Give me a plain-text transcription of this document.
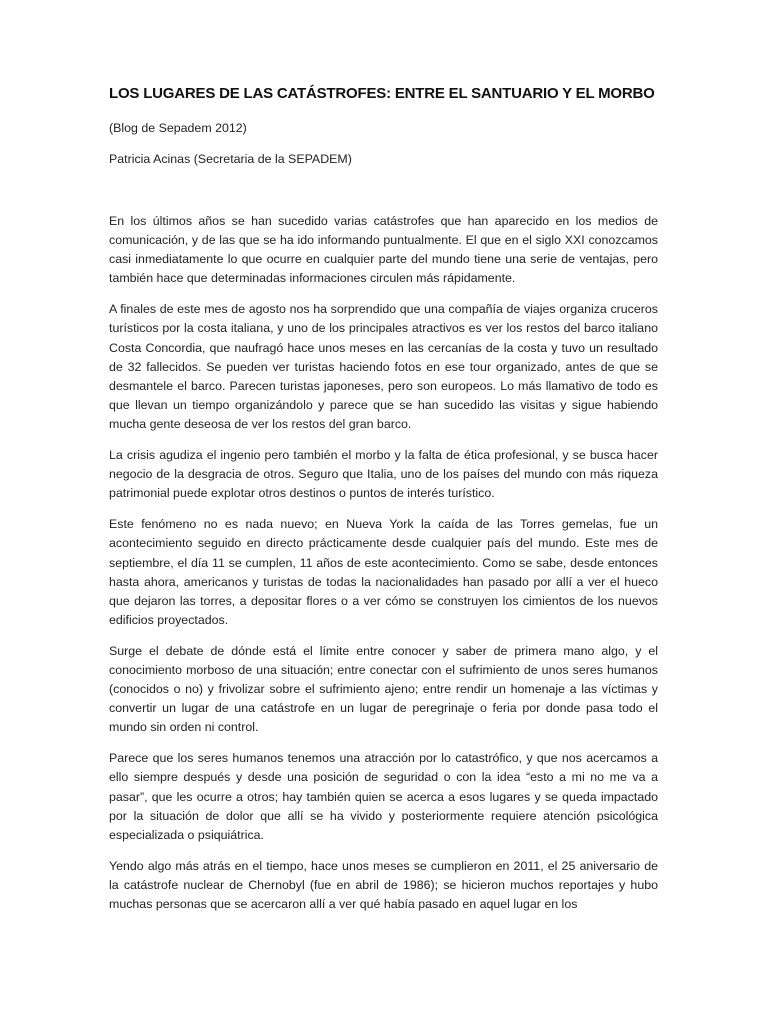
LOS LUGARES DE LAS CATÁSTROFES: ENTRE EL SANTUARIO Y EL MORBO

(Blog de Sepadem 2012)

Patricia Acinas (Secretaria de la SEPADEM)

En los últimos años se han sucedido varias catástrofes que han aparecido en los medios de comunicación, y de las que se ha ido informando puntualmente. El que en el siglo XXI conozcamos casi inmediatamente lo que ocurre en cualquier parte del mundo tiene una serie de ventajas, pero también hace que determinadas informaciones circulen más rápidamente.

A finales de este mes de agosto nos ha sorprendido que una compañía de viajes organiza cruceros turísticos por la costa italiana, y uno de los principales atractivos es ver los restos del barco italiano Costa Concordia, que naufragó hace unos meses en las cercanías de la costa y tuvo un resultado de 32 fallecidos. Se pueden ver turistas haciendo fotos en ese tour organizado, antes de que se desmantele el barco. Parecen turistas japoneses, pero son europeos. Lo más llamativo de todo es que llevan un tiempo organizándolo y parece que se han sucedido las visitas y sigue habiendo mucha gente deseosa de ver los restos del gran barco.

La crisis agudiza el ingenio pero también el morbo y la falta de ética profesional, y se busca hacer negocio de la desgracia de otros. Seguro que Italia, uno de los países del mundo con más riqueza patrimonial puede explotar otros destinos o puntos de interés turístico.

Este fenómeno no es nada nuevo; en Nueva York la caída de las Torres gemelas, fue un acontecimiento seguido en directo prácticamente desde cualquier país del mundo. Este mes de septiembre, el día 11 se cumplen, 11 años de este acontecimiento. Como se sabe, desde entonces hasta ahora, americanos y turistas de todas la nacionalidades han pasado por allí a ver el hueco que dejaron las torres, a depositar flores o a ver cómo se construyen los cimientos de los nuevos edificios proyectados.

Surge el debate de dónde está el límite entre conocer y saber de primera mano algo, y el conocimiento morboso de una situación; entre conectar con el sufrimiento de unos seres humanos (conocidos o no) y frivolizar sobre el sufrimiento ajeno; entre rendir un homenaje a las víctimas y convertir un lugar de una catástrofe en un lugar de peregrinaje o feria por donde pasa todo el mundo sin orden ni control.

Parece que los seres humanos tenemos una atracción por lo catastrófico, y que nos acercamos a ello siempre después y desde una posición de seguridad o con la idea “esto a mi no me va a pasar”, que les ocurre a otros; hay también quien se acerca a esos lugares y se queda impactado por la situación de dolor que allí se ha vivido y posteriormente requiere atención psicológica especializada o psiquiátrica.

Yendo algo más atrás en el tiempo, hace unos meses se cumplieron en 2011, el 25 aniversario de la catástrofe nuclear de Chernobyl (fue en abril de 1986); se hicieron muchos reportajes y hubo muchas personas que se acercaron allí a ver qué había pasado en aquel lugar en los
